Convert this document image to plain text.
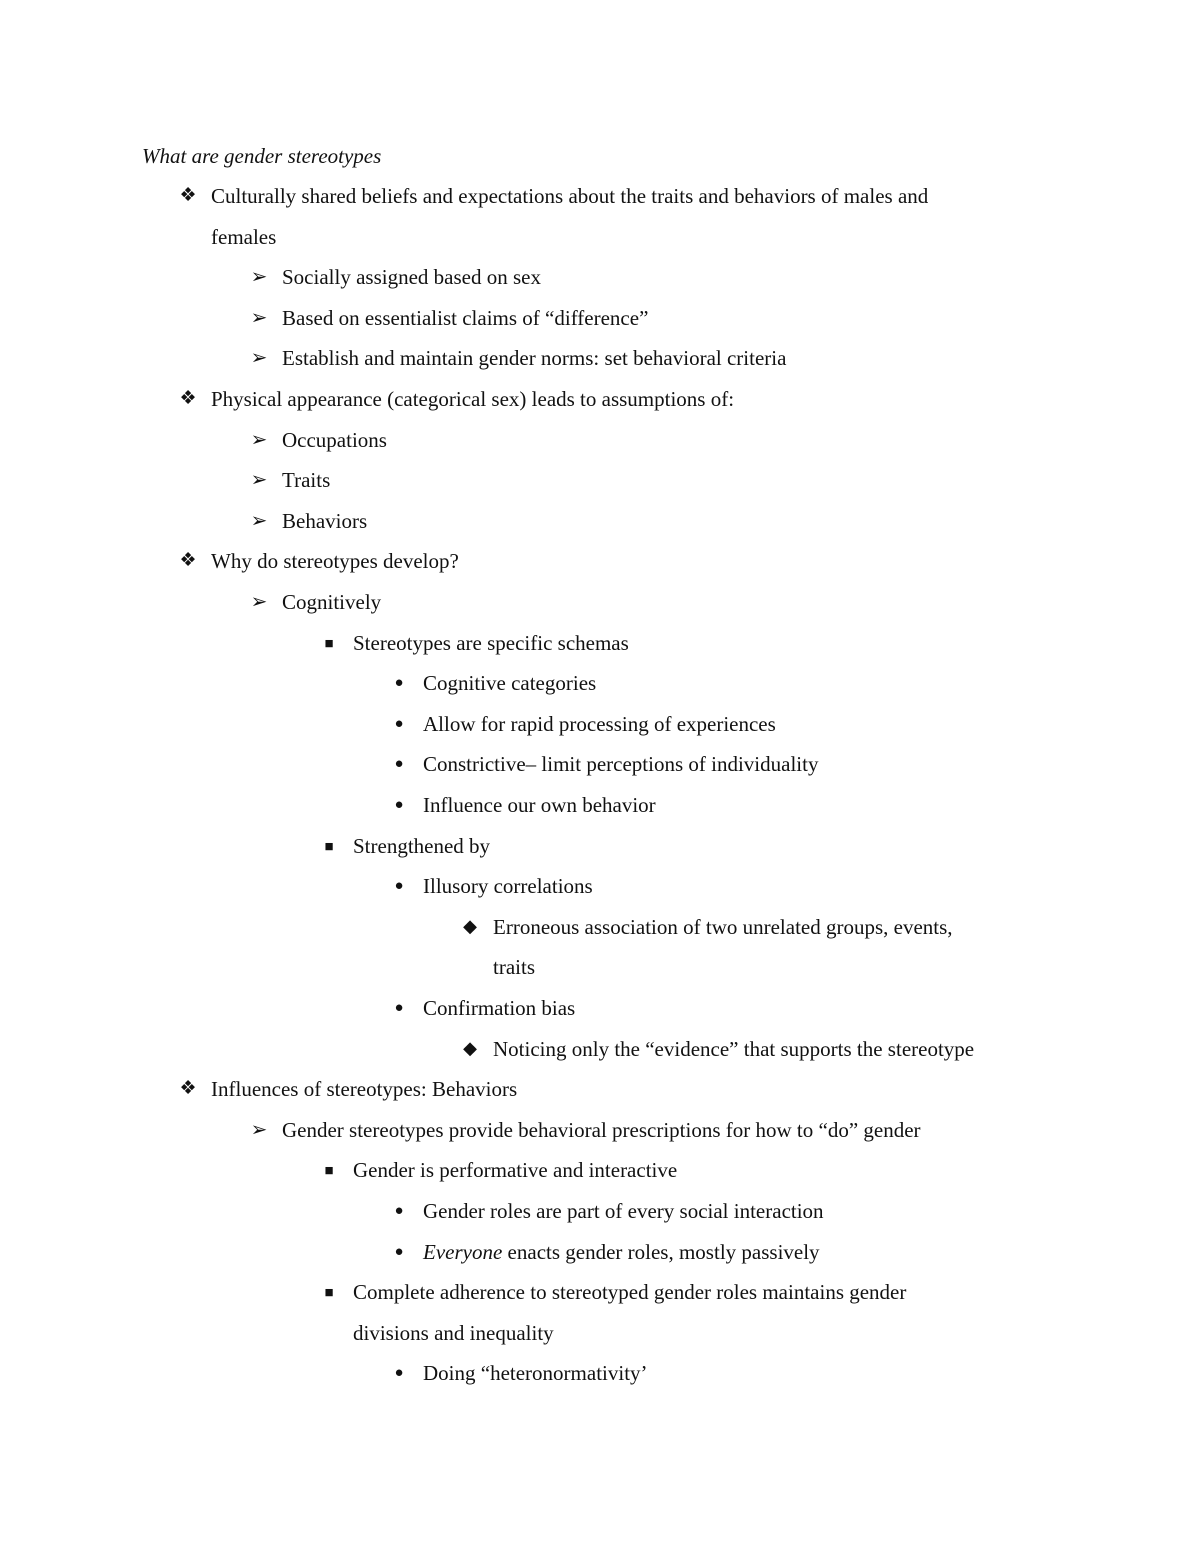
What are gender stereotypes
❖ Culturally shared beliefs and expectations about the traits and behaviors of males and
females
➢ Socially assigned based on sex
➢ Based on essentialist claims of “difference”
➢ Establish and maintain gender norms: set behavioral criteria
❖ Physical appearance (categorical sex) leads to assumptions of:
➢ Occupations
➢ Traits
➢ Behaviors
❖ Why do stereotypes develop?
➢ Cognitively
■ Stereotypes are specific schemas
● Cognitive categories
● Allow for rapid processing of experiences
● Constrictive– limit perceptions of individuality
● Influence our own behavior
■ Strengthened by
● Illusory correlations
◆ Erroneous association of two unrelated groups, events,
traits
● Confirmation bias
◆ Noticing only the “evidence” that supports the stereotype
❖ Influences of stereotypes: Behaviors
➢ Gender stereotypes provide behavioral prescriptions for how to “do” gender
■ Gender is performative and interactive
● Gender roles are part of every social interaction
● Everyone enacts gender roles, mostly passively
■ Complete adherence to stereotyped gender roles maintains gender
divisions and inequality
● Doing “heteronormativity’
